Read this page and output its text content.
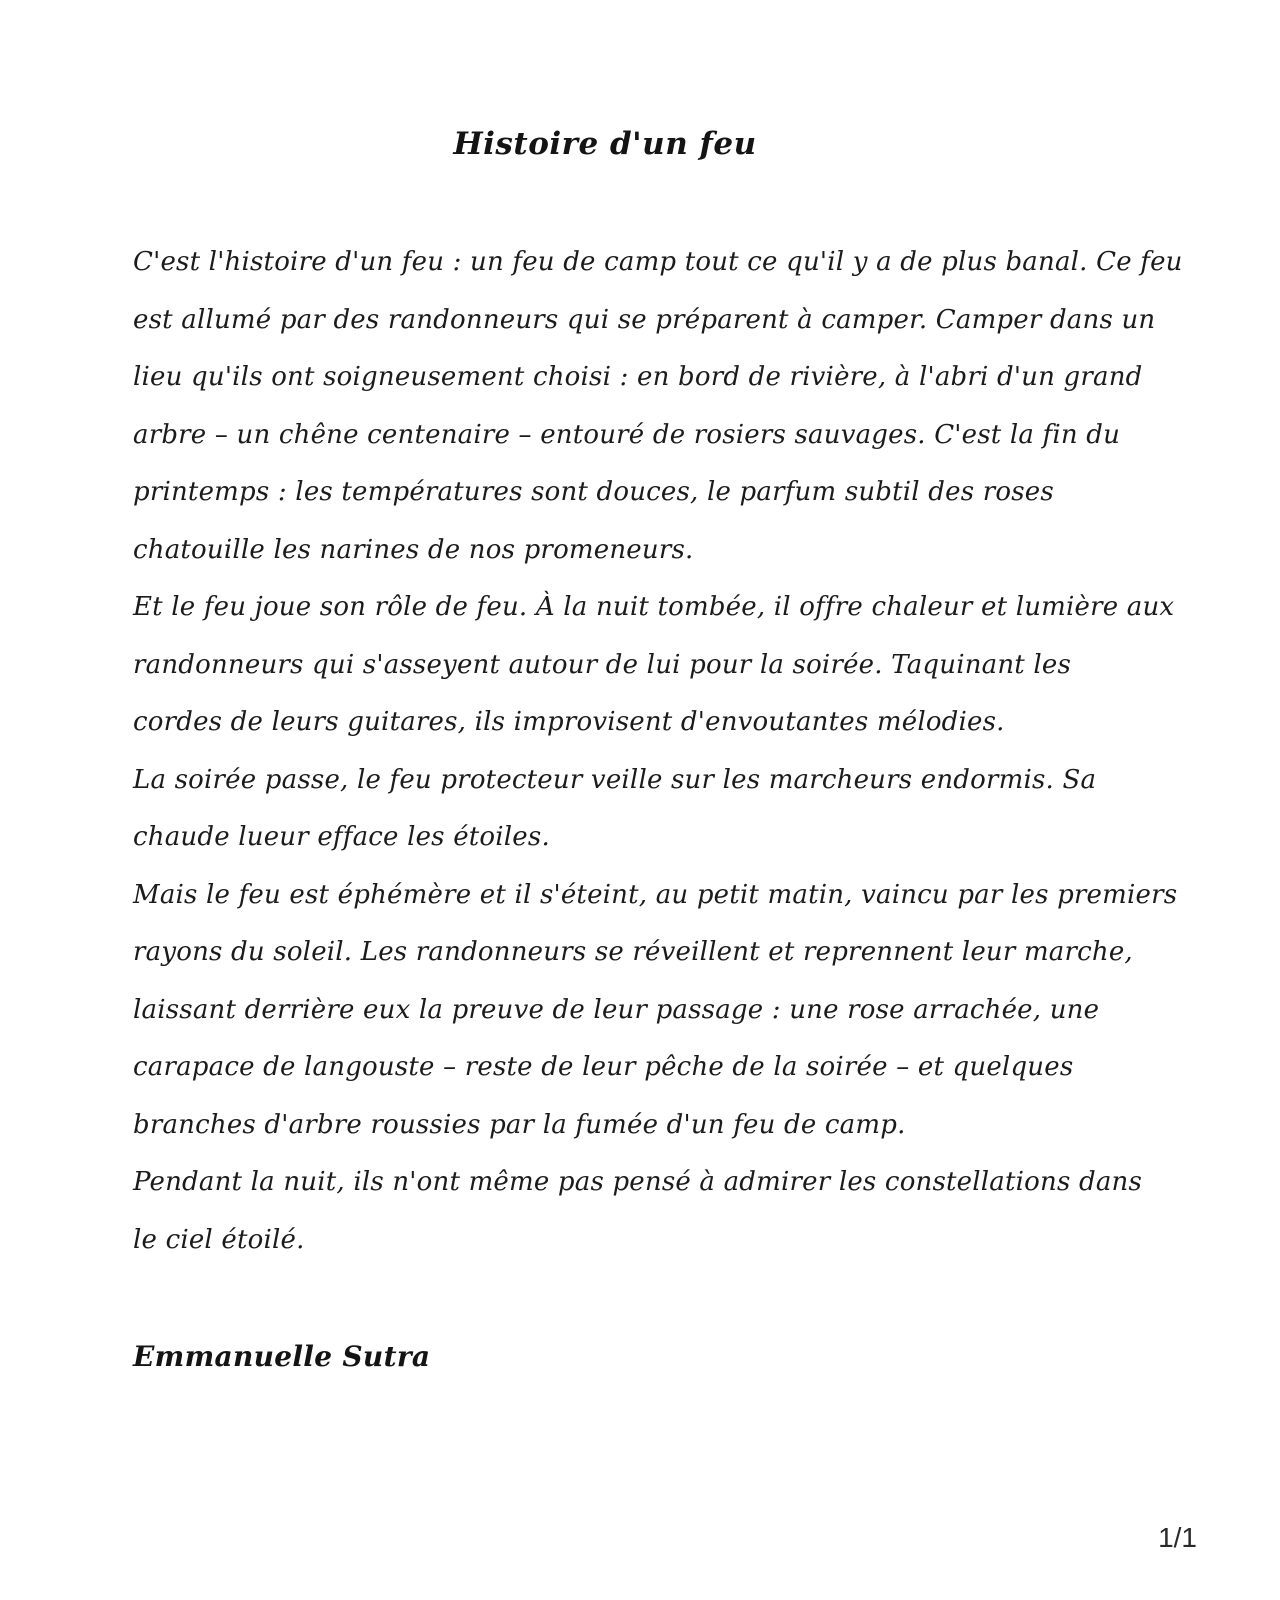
Histoire d'un feu
C'est l'histoire d'un feu : un feu de camp tout ce qu'il y a de plus banal. Ce feu
est allumé par des randonneurs qui se préparent à camper. Camper dans un
lieu qu'ils ont soigneusement choisi : en bord de rivière, à l'abri d'un grand
arbre – un chêne centenaire – entouré de rosiers sauvages. C'est la fin du
printemps : les températures sont douces, le parfum subtil des roses
chatouille les narines de nos promeneurs.
Et le feu joue son rôle de feu. À la nuit tombée, il offre chaleur et lumière aux
randonneurs qui s'asseyent autour de lui pour la soirée. Taquinant les
cordes de leurs guitares, ils improvisent d'envoutantes mélodies.
La soirée passe, le feu protecteur veille sur les marcheurs endormis. Sa
chaude lueur efface les étoiles.
Mais le feu est éphémère et il s'éteint, au petit matin, vaincu par les premiers
rayons du soleil. Les randonneurs se réveillent et reprennent leur marche,
laissant derrière eux la preuve de leur passage : une rose arrachée, une
carapace de langouste – reste de leur pêche de la soirée – et quelques
branches d'arbre roussies par la fumée d'un feu de camp.
Pendant la nuit, ils n'ont même pas pensé à admirer les constellations dans
le ciel étoilé.
Emmanuelle Sutra
1/1
